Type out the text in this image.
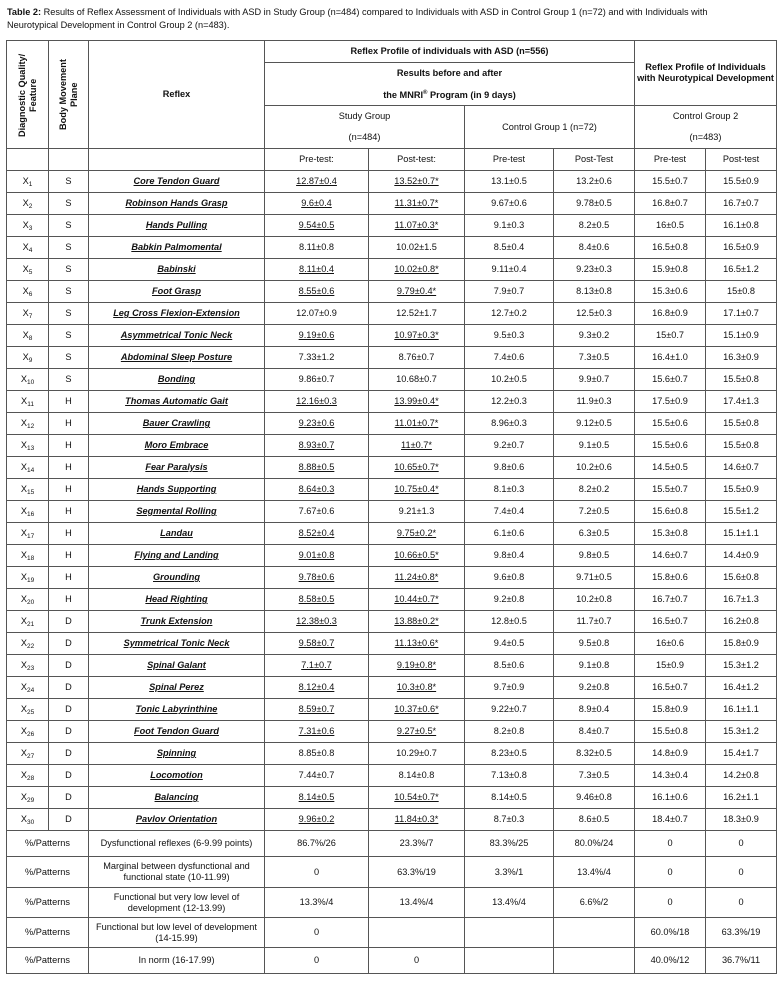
Table 2: Results of Reflex Assessment of Individuals with ASD in Study Group (n=484) compared to Individuals with ASD in Control Group 1 (n=72) and with Individuals with Neurotypical Development in Control Group 2 (n=483).
Diagnostic Quality/ Feature	Body Movement Plane	Reflex	Reflex Profile of individuals with ASD (n=556)				Reflex Profile of Individuals with Neurotypical Development	
			Results before and after					
			the MNRI® Program (in 9 days)					
			Study Group		Control Group 1 (n=72)		Control Group 2	
			(n=484)				(n=483)	
			Pre-test:	Post-test:	Pre-test	Post-Test	Pre-test	Post-test
$X_1$	S	Core Tendon Guard	12.87±0.4	13.52±0.7*	13.1±0.5	13.2±0.6	15.5±0.7	15.5±0.9
$X_2$	S	Robinson Hands Grasp	9.6±0.4	11.31±0.7*	9.67±0.6	9.78±0.5	16.8±0.7	16.7±0.7
$X_3$	S	Hands Pulling	9.54±0.5	11.07±0.3*	9.1±0.3	8.2±0.5	16±0.5	16.1±0.8
$X_4$	S	Babkin Palmomental	8.11±0.8	10.02±1.5	8.5±0.4	8.4±0.6	16.5±0.8	16.5±0.9
$X_5$	S	Babinski	8.11±0.4	10.02±0.8*	9.11±0.4	9.23±0.3	15.9±0.8	16.5±1.2
$X_6$	S	Foot Grasp	8.55±0.6	9.79±0.4*	7.9±0.7	8.13±0.8	15.3±0.6	15±0.8
$X_7$	S	Leg Cross Flexion-Extension	12.07±0.9	12.52±1.7	12.7±0.2	12.5±0.3	16.8±0.9	17.1±0.7
$X_8$	S	Asymmetrical Tonic Neck	9.19±0.6	10.97±0.3*	9.5±0.3	9.3±0.2	15±0.7	15.1±0.9
$X_9$	S	Abdominal Sleep Posture	7.33±1.2	8.76±0.7	7.4±0.6	7.3±0.5	16.4±1.0	16.3±0.9
$X_{10}$	S	Bonding	9.86±0.7	10.68±0.7	10.2±0.5	9.9±0.7	15.6±0.7	15.5±0.8
$X_{11}$	H	Thomas Automatic Gait	12.16±0.3	13.99±0.4*	12.2±0.3	11.9±0.3	17.5±0.9	17.4±1.3
$X_{12}$	H	Bauer Crawling	9.23±0.6	11.01±0.7*	8.96±0.3	9.12±0.5	15.5±0.6	15.5±0.8
$X_{13}$	H	Moro Embrace	8.93±0.7	11±0.7*	9.2±0.7	9.1±0.5	15.5±0.6	15.5±0.8
$X_{14}$	H	Fear Paralysis	8.88±0.5	10.65±0.7*	9.8±0.6	10.2±0.6	14.5±0.5	14.6±0.7
$X_{15}$	H	Hands Supporting	8.64±0.3	10.75±0.4*	8.1±0.3	8.2±0.2	15.5±0.7	15.5±0.9
$X_{16}$	H	Segmental Rolling	7.67±0.6	9.21±1.3	7.4±0.4	7.2±0.5	15.6±0.8	15.5±1.2
$X_{17}$	H	Landau	8.52±0.4	9.75±0.2*	6.1±0.6	6.3±0.5	15.3±0.8	15.1±1.1
$X_{18}$	H	Flying and Landing	9.01±0.8	10.66±0.5*	9.8±0.4	9.8±0.5	14.6±0.7	14.4±0.9
$X_{19}$	H	Grounding	9.78±0.6	11.24±0.8*	9.6±0.8	9.71±0.5	15.8±0.6	15.6±0.8
$X_{20}$	H	Head Righting	8.58±0.5	10.44±0.7*	9.2±0.8	10.2±0.8	16.7±0.7	16.7±1.3
$X_{21}$	D	Trunk Extension	12.38±0.3	13.88±0.2*	12.8±0.5	11.7±0.7	16.5±0.7	16.2±0.8
$X_{22}$	D	Symmetrical Tonic Neck	9.58±0.7	11.13±0.6*	9.4±0.5	9.5±0.8	16±0.6	15.8±0.9
$X_{23}$	D	Spinal Galant	7.1±0.7	9.19±0.8*	8.5±0.6	9.1±0.8	15±0.9	15.3±1.2
$X_{24}$	D	Spinal Perez	8.12±0.4	10.3±0.8*	9.7±0.9	9.2±0.8	16.5±0.7	16.4±1.2
$X_{25}$	D	Tonic Labyrinthine	8.59±0.7	10.37±0.6*	9.22±0.7	8.9±0.4	15.8±0.9	16.1±1.1
$X_{26}$	D	Foot Tendon Guard	7.31±0.6	9.27±0.5*	8.2±0.8	8.4±0.7	15.5±0.8	15.3±1.2
$X_{27}$	D	Spinning	8.85±0.8	10.29±0.7	8.23±0.5	8.32±0.5	14.8±0.9	15.4±1.7
$X_{28}$	D	Locomotion	7.44±0.7	8.14±0.8	7.13±0.8	7.3±0.5	14.3±0.4	14.2±0.8
$X_{29}$	D	Balancing	8.14±0.5	10.54±0.7*	8.14±0.5	9.46±0.8	16.1±0.6	16.2±1.1
$X_{30}$	D	Pavlov Orientation	9.96±0.2	11.84±0.3*	8.7±0.3	8.6±0.5	18.4±0.7	18.3±0.9
%/Patterns		Dysfunctional reflexes (6-9.99 points)	86.7%/26	23.3%/7	83.3%/25	80.0%/24	0	0
%/Patterns		Marginal between dysfunctional and functional state (10-11.99)	0	63.3%/19	3.3%/1	13.4%/4	0	0
%/Patterns		Functional but very low level of development (12-13.99)	13.3%/4	13.4%/4	13.4%/4	6.6%/2	0	0
%/Patterns		Functional but low level of development (14-15.99)	0				60.0%/18	63.3%/19
%/Patterns		In norm (16-17.99)	0	0			40.0%/12	36.7%/11
